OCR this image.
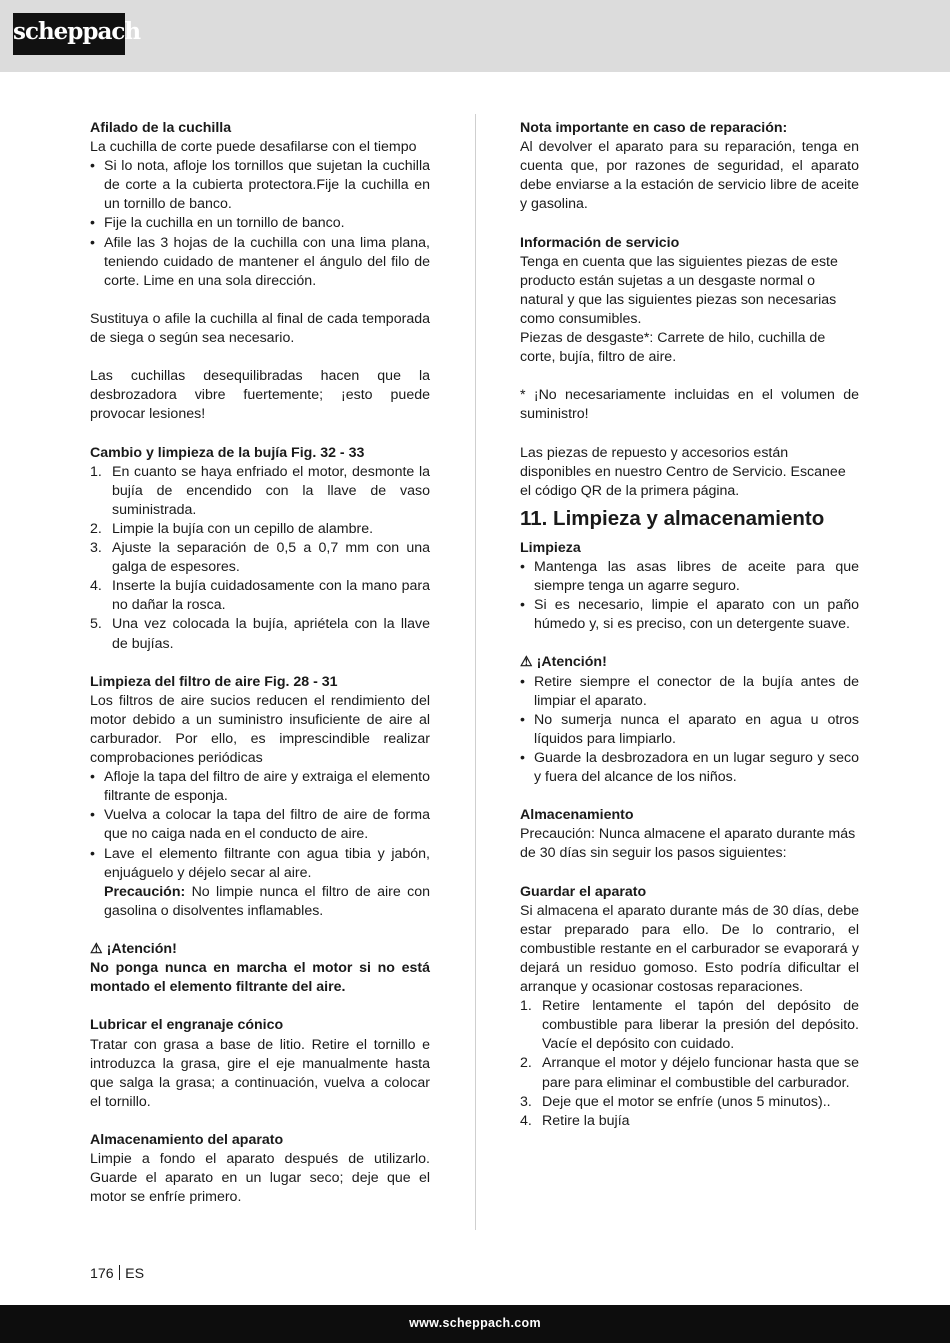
scheppach
Afilado de la cuchilla

La cuchilla de corte puede desafilarse con el tiempo

• Si lo nota, afloje los tornillos que sujetan la cuchilla de corte a la cubierta protectora.Fije la cuchilla en un tornillo de banco.
• Fije la cuchilla en un tornillo de banco.
• Afile las 3 hojas de la cuchilla con una lima plana, teniendo cuidado de mantener el ángulo del filo de corte. Lime en una sola dirección.

Sustituya o afile la cuchilla al final de cada temporada de siega o según sea necesario.

Las cuchillas desequilibradas hacen que la desbrozadora vibre fuertemente; ¡esto puede provocar lesiones!

Cambio y limpieza de la bujía Fig. 32 - 33
1. En cuanto se haya enfriado el motor, desmonte la bujía de encendido con la llave de vaso suministrada.
2. Limpie la bujía con un cepillo de alambre.
3. Ajuste la separación de 0,5 a 0,7 mm con una galga de espesores.
4. Inserte la bujía cuidadosamente con la mano para no dañar la rosca.
5. Una vez colocada la bujía, apriétela con la llave de bujías.
Limpieza del filtro de aire Fig. 28 - 31

Los filtros de aire sucios reducen el rendimiento del motor debido a un suministro insuficiente de aire al carburador. Por ello, es imprescindible realizar comprobaciones periódicas

• Afloje la tapa del filtro de aire y extraiga el elemento filtrante de esponja.
• Vuelva a colocar la tapa del filtro de aire de forma que no caiga nada en el conducto de aire.
• Lave el elemento filtrante con agua tibia y jabón, enjuáguelo y déjelo secar al aire.
Precaución: No limpie nunca el filtro de aire con gasolina o disolventes inflamables.
⚠ ¡Atención!

No ponga nunca en marcha el motor si no está montado el elemento filtrante del aire.

Lubricar el engranaje cónico

Tratar con grasa a base de litio. Retire el tornillo e introduzca la grasa, gire el eje manualmente hasta que salga la grasa; a continuación, vuelva a colocar el tornillo.

Almacenamiento del aparato

Limpie a fondo el aparato después de utilizarlo. Guarde el aparato en un lugar seco; deje que el motor se enfríe primero.

Nota importante en caso de reparación:

Al devolver el aparato para su reparación, tenga en cuenta que, por razones de seguridad, el aparato debe enviarse a la estación de servicio libre de aceite y gasolina.

Información de servicio

Tenga en cuenta que las siguientes piezas de este producto están sujetas a un desgaste normal o natural y que las siguientes piezas son necesarias como consumibles.

Piezas de desgaste*: Carrete de hilo, cuchilla de corte, bujía, filtro de aire.

* ¡No necesariamente incluidas en el volumen de suministro!

Las piezas de repuesto y accesorios están disponibles en nuestro Centro de Servicio. Escanee el código QR de la primera página.

11. Limpieza y almacenamiento
Limpieza
• Mantenga las asas libres de aceite para que siempre tenga un agarre seguro.
• Si es necesario, limpie el aparato con un paño húmedo y, si es preciso, con un detergente suave.
⚠ ¡Atención!
• Retire siempre el conector de la bujía antes de limpiar el aparato.
• No sumerja nunca el aparato en agua u otros líquidos para limpiarlo.
• Guarde la desbrozadora en un lugar seguro y seco y fuera del alcance de los niños.
Almacenamiento

Precaución: Nunca almacene el aparato durante más de 30 días sin seguir los pasos siguientes:

Guardar el aparato

Si almacena el aparato durante más de 30 días, debe estar preparado para ello. De lo contrario, el combustible restante en el carburador se evaporará y dejará un residuo gomoso. Esto podría dificultar el arranque y ocasionar costosas reparaciones.

1. Retire lentamente el tapón del depósito de combustible para liberar la presión del depósito. Vacíe el depósito con cuidado.
2. Arranque el motor y déjelo funcionar hasta que se pare para eliminar el combustible del carburador.
3. Deje que el motor se enfríe (unos 5 minutos)..
4. Retire la bujía
176 ES
www.scheppach.com
